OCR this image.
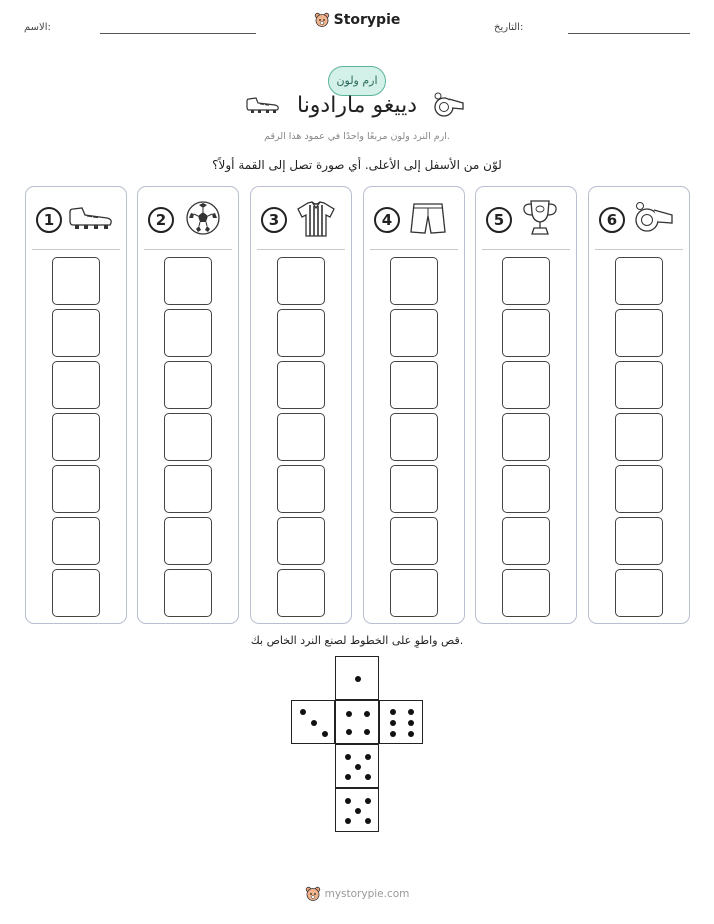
الاسم:	التاريخ:
Storypie
ارم ولون
دييغو مارادونا
ارم النرد ولون مربعًا واحدًا في عمود هذا الرقم.
لوّن من الأسفل إلى الأعلى. أي صورة تصل إلى القمة أولاً؟
1	2	3	4	5	6
قص واطوِ على الخطوط لصنع النرد الخاص بك.
mystorypie.com
